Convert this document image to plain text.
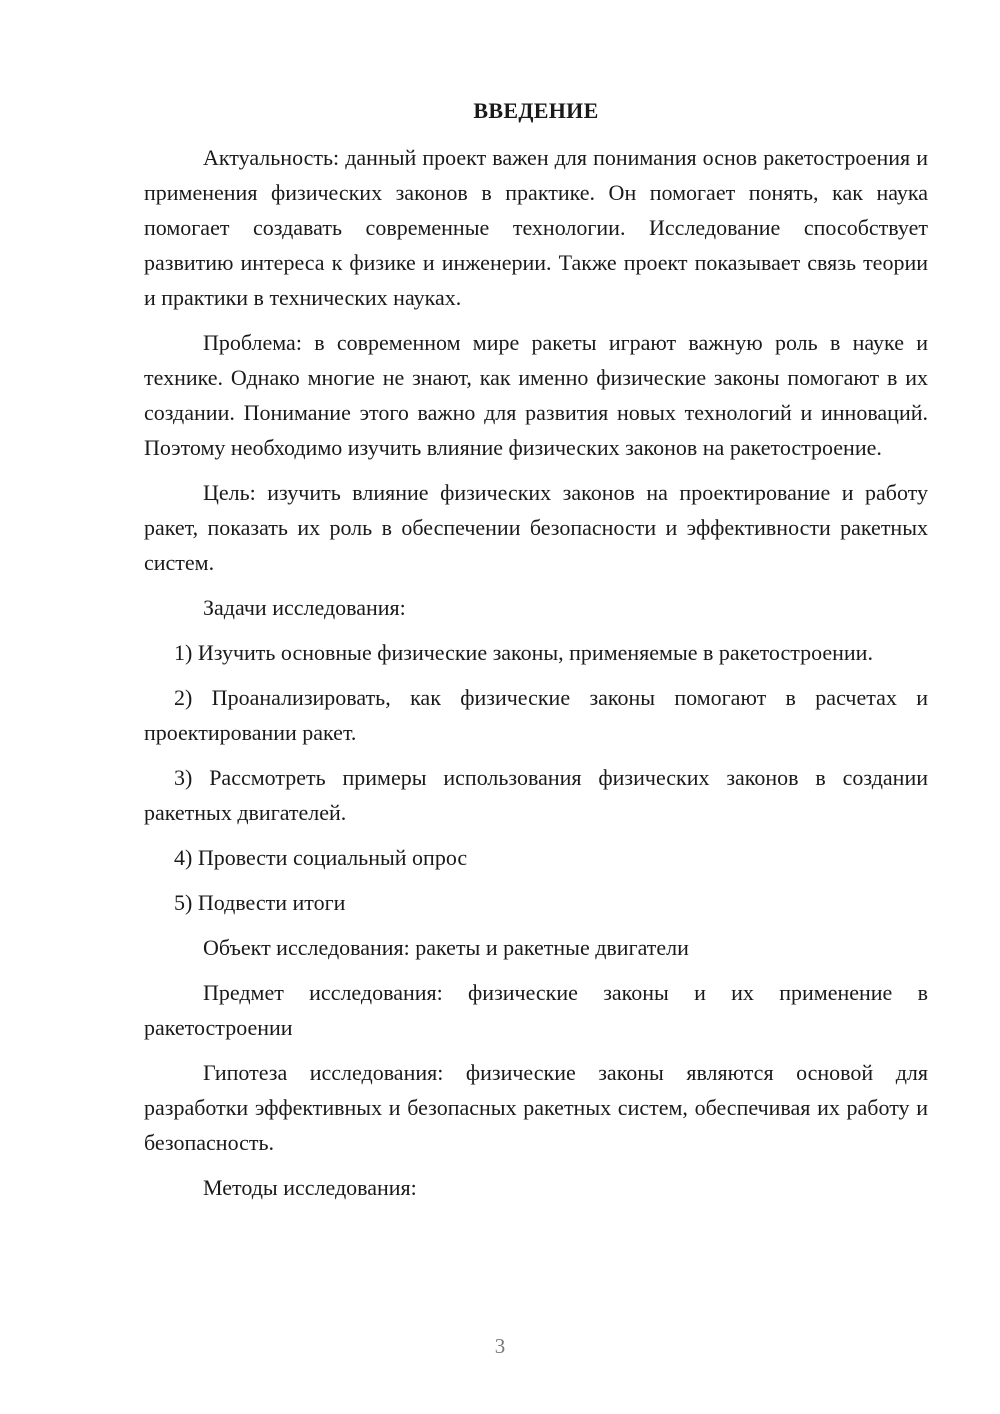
ВВЕДЕНИЕ

Актуальность: данный проект важен для понимания основ ракетостроения и применения физических законов в практике. Он помогает понять, как наука помогает создавать современные технологии. Исследование способствует развитию интереса к физике и инженерии. Также проект показывает связь теории и практики в технических науках.

Проблема: в современном мире ракеты играют важную роль в науке и технике. Однако многие не знают, как именно физические законы помогают в их создании. Понимание этого важно для развития новых технологий и инноваций. Поэтому необходимо изучить влияние физических законов на ракетостроение.

Цель: изучить влияние физических законов на проектирование и работу ракет, показать их роль в обеспечении безопасности и эффективности ракетных систем.

Задачи исследования:

1) Изучить основные физические законы, применяемые в ракетостроении.

2) Проанализировать, как физические законы помогают в расчетах и проектировании ракет.

3) Рассмотреть примеры использования физических законов в создании ракетных двигателей.

4) Провести социальный опрос

5) Подвести итоги

Объект исследования: ракеты и ракетные двигатели

Предмет исследования: физические законы и их применение в ракетостроении

Гипотеза исследования: физические законы являются основой для разработки эффективных и безопасных ракетных систем, обеспечивая их работу и безопасность.

Методы исследования:

3
